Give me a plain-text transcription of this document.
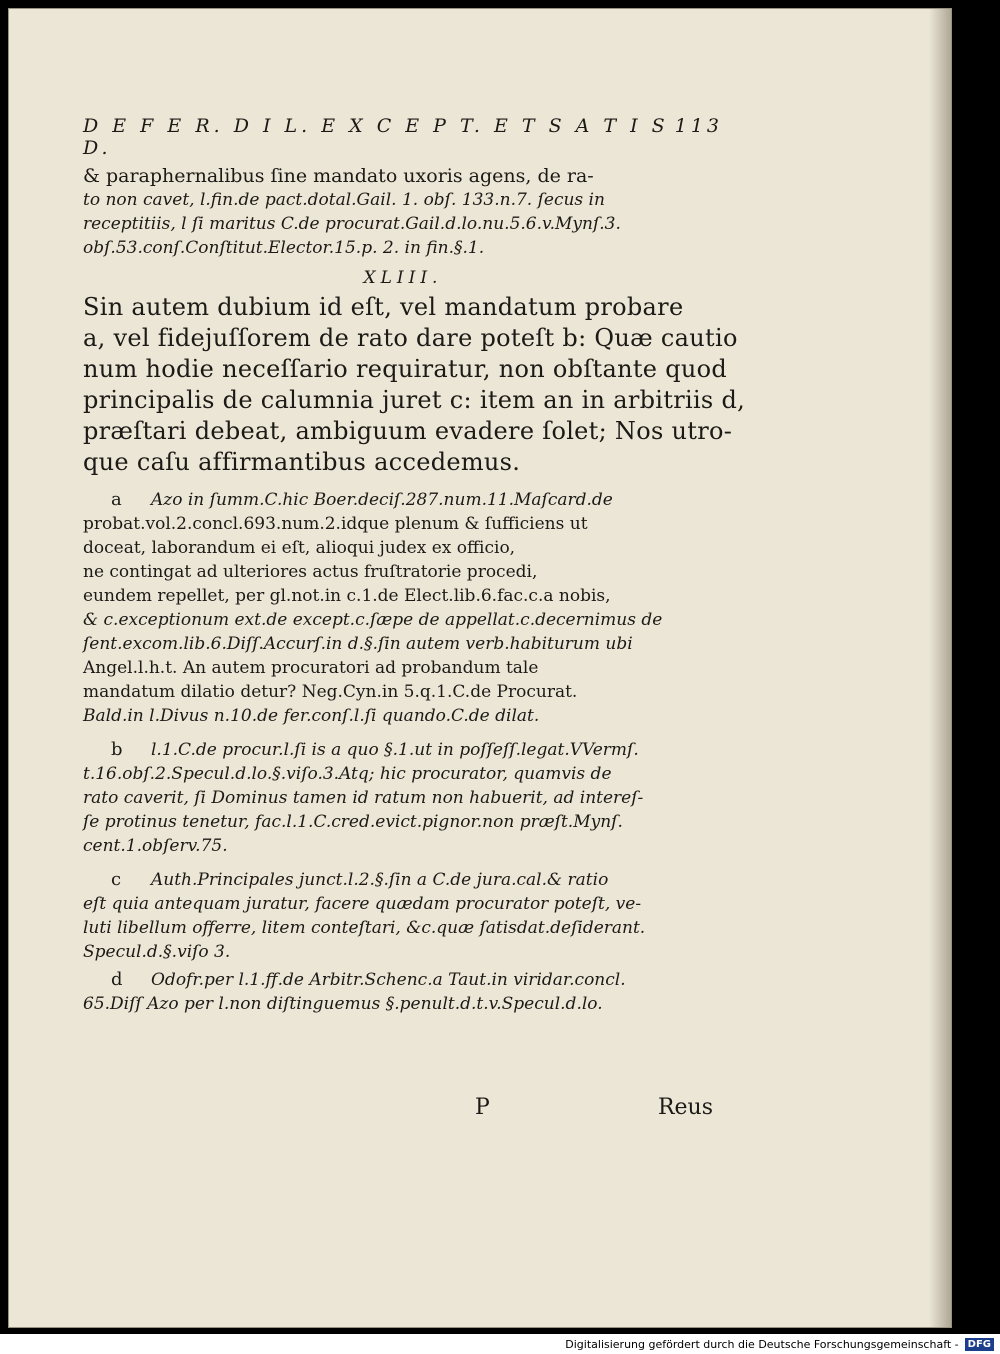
D E F E R. D I L. E X C E P T. E T S A T I S D.
113
& paraphernalibus ſine mandato uxoris agens, de ra-
to non cavet, l.fin.de pact.dotal.Gail. 1. obſ. 133.n.7. ſecus in
receptitiis, l ſi maritus C.de procurat.Gail.d.lo.nu.5.6.v.Mynſ.3.
obſ.53.conſ.Conſtitut.Elector.15.p. 2. in fin.§.1.
XLIII.
Sin autem dubium id eſt, vel mandatum probare
a, vel fidejuſſorem de rato dare poteſt b: Quæ cautio
num hodie neceſſario requiratur, non obſtante quod
principalis de calumnia juret c: item an in arbitriis d,
præſtari debeat, ambiguum evadere ſolet; Nos utro-
que caſu affirmantibus accedemus.
a Azo in ſumm.C.hic Boer.deciſ.287.num.11.Maſcard.de
probat.vol.2.concl.693.num.2.idque plenum & ſufficiens ut
doceat, laborandum ei eſt, alioqui judex ex officio,
ne contingat ad ulteriores actus fruſtratorie procedi,
eundem repellet, per gl.not.in c.1.de Elect.lib.6.fac.c.a nobis,
& c.exceptionum ext.de except.c.ſæpe de appellat.c.decernimus de
ſent.excom.lib.6.Diſſ.Accurſ.in d.§.ſin autem verb.habiturum ubi
Angel.l.h.t. An autem procuratori ad probandum tale
mandatum dilatio detur? Neg.Cyn.in 5.q.1.C.de Procurat.
Bald.in l.Divus n.10.de fer.conſ.l.ſi quando.C.de dilat.
b l.1.C.de procur.l.ſi is a quo §.1.ut in poſſeſſ.legat.VVermſ.
t.16.obſ.2.Specul.d.lo.§.viſo.3.Atq; hic procurator, quamvis de
rato caverit, ſi Dominus tamen id ratum non habuerit, ad intereſ-
ſe protinus tenetur, fac.l.1.C.cred.evict.pignor.non præſt.Mynſ.
cent.1.obſerv.75.
c Auth.Principales junct.l.2.§.ſin a C.de jura.cal.& ratio
eſt quia antequam juratur, facere quædam procurator poteſt, ve-
luti libellum offerre, litem conteſtari, &c.quæ ſatisdat.deſiderant.
Specul.d.§.viſo 3.
d Odofr.per l.1.ff.de Arbitr.Schenc.a Taut.in viridar.concl.
65.Diſſ Azo per l.non diſtinguemus §.penult.d.t.v.Specul.d.lo.
P	Reus
Digitalisierung gefördert durch die Deutsche Forschungsgemeinschaft - DFG
